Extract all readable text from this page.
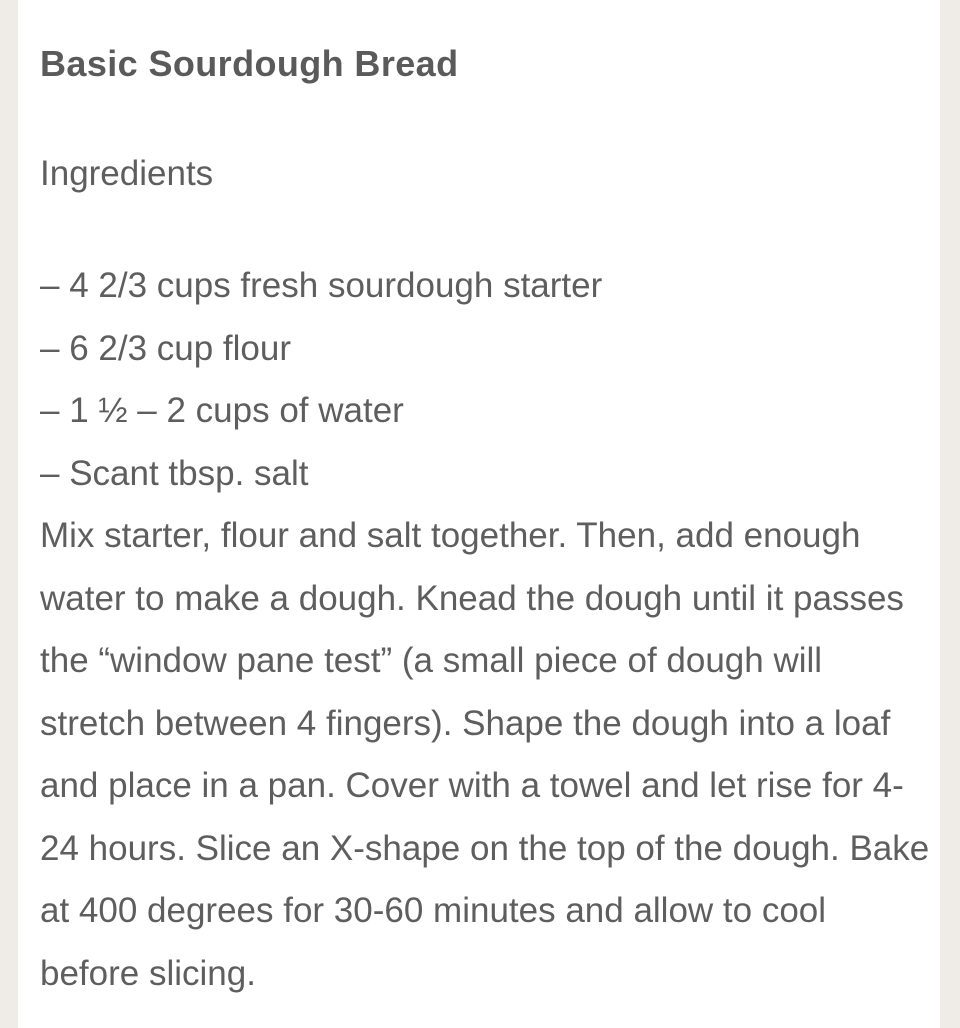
Basic Sourdough Bread
Ingredients
– 4 2/3 cups fresh sourdough starter
– 6 2/3 cup flour
– 1 ½ – 2 cups of water
– Scant tbsp. salt

Mix starter, flour and salt together. Then, add enough water to make a dough. Knead the dough until it passes the “window pane test” (a small piece of dough will stretch between 4 fingers). Shape the dough into a loaf and place in a pan. Cover with a towel and let rise for 4-24 hours. Slice an X-shape on the top of the dough. Bake at 400 degrees for 30-60 minutes and allow to cool before slicing.
